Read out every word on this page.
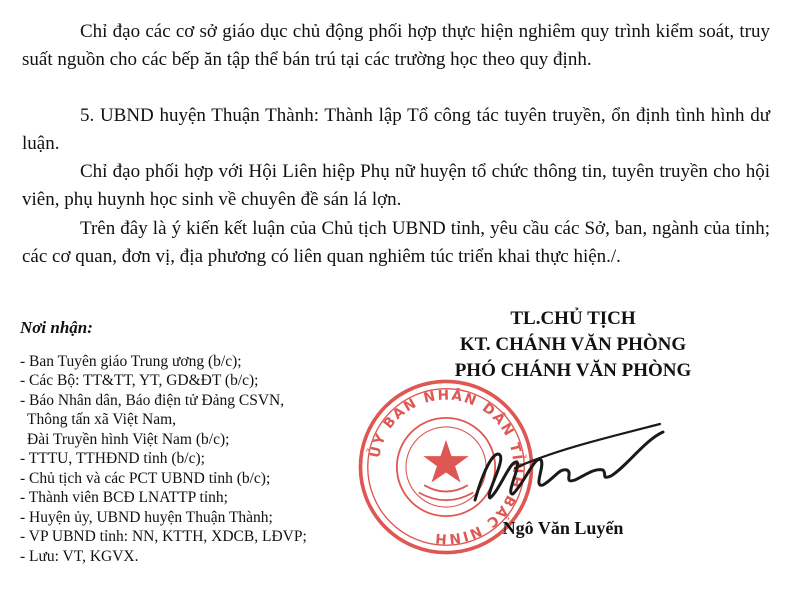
Chỉ đạo các cơ sở giáo dục chủ động phối hợp thực hiện nghiêm quy trình kiểm soát, truy suất nguồn cho các bếp ăn tập thể bán trú tại các trường học theo quy định.

5. UBND huyện Thuận Thành: Thành lập Tổ công tác tuyên truyền, ổn định tình hình dư luận.

Chỉ đạo phối hợp với Hội Liên hiệp Phụ nữ huyện tổ chức thông tin, tuyên truyền cho hội viên, phụ huynh học sinh về chuyên đề sán lá lợn.

Trên đây là ý kiến kết luận của Chủ tịch UBND tỉnh, yêu cầu các Sở, ban, ngành của tỉnh; các cơ quan, đơn vị, địa phương có liên quan nghiêm túc triển khai thực hiện./.

Nơi nhận:
- Ban Tuyên giáo Trung ương (b/c);
- Các Bộ: TT&TT, YT, GD&ĐT (b/c);
- Báo Nhân dân, Báo điện tử Đảng CSVN,
Thông tấn xã Việt Nam,
Đài Truyền hình Việt Nam (b/c);
- TTTU, TTHĐND tỉnh (b/c);
- Chủ tịch và các PCT UBND tỉnh (b/c);
- Thành viên BCĐ LNATTP tỉnh;
- Huyện ủy, UBND huyện Thuận Thành;
- VP UBND tỉnh: NN, KTTH, XDCB, LĐVP;
- Lưu: VT, KGVX.
ỦY BAN NHÂN DÂN TỈNH BẮC NINH
TL.CHỦ TỊCH
KT. CHÁNH VĂN PHÒNG
PHÓ CHÁNH VĂN PHÒNG
Ngô Văn Luyến
